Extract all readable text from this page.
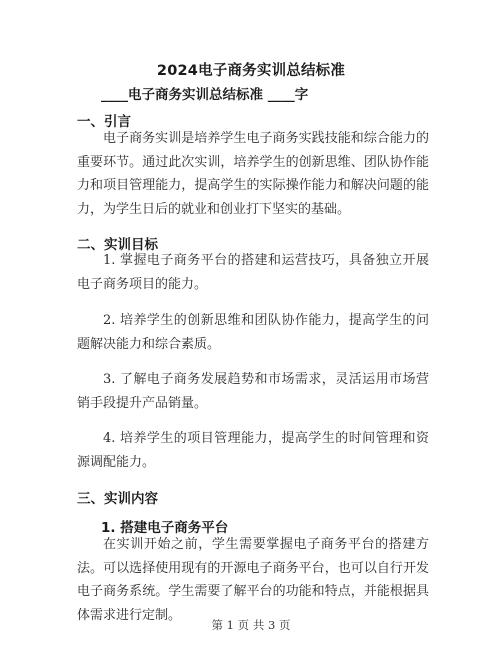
2024电子商务实训总结标准
____电子商务实训总结标准 ____字
一、引言

电子商务实训是培养学生电子商务实践技能和综合能力的重要环节。通过此次实训，培养学生的创新思维、团队协作能力和项目管理能力，提高学生的实际操作能力和解决问题的能力，为学生日后的就业和创业打下坚实的基础。

二、实训目标

1. 掌握电子商务平台的搭建和运营技巧，具备独立开展电子商务项目的能力。

2. 培养学生的创新思维和团队协作能力，提高学生的问题解决能力和综合素质。

3. 了解电子商务发展趋势和市场需求，灵活运用市场营销手段提升产品销量。

4. 培养学生的项目管理能力，提高学生的时间管理和资源调配能力。

三、实训内容
1. 搭建电子商务平台

在实训开始之前，学生需要掌握电子商务平台的搭建方法。可以选择使用现有的开源电子商务平台，也可以自行开发电子商务系统。学生需要了解平台的功能和特点，并能根据具体需求进行定制。

第 1 页 共 3 页
